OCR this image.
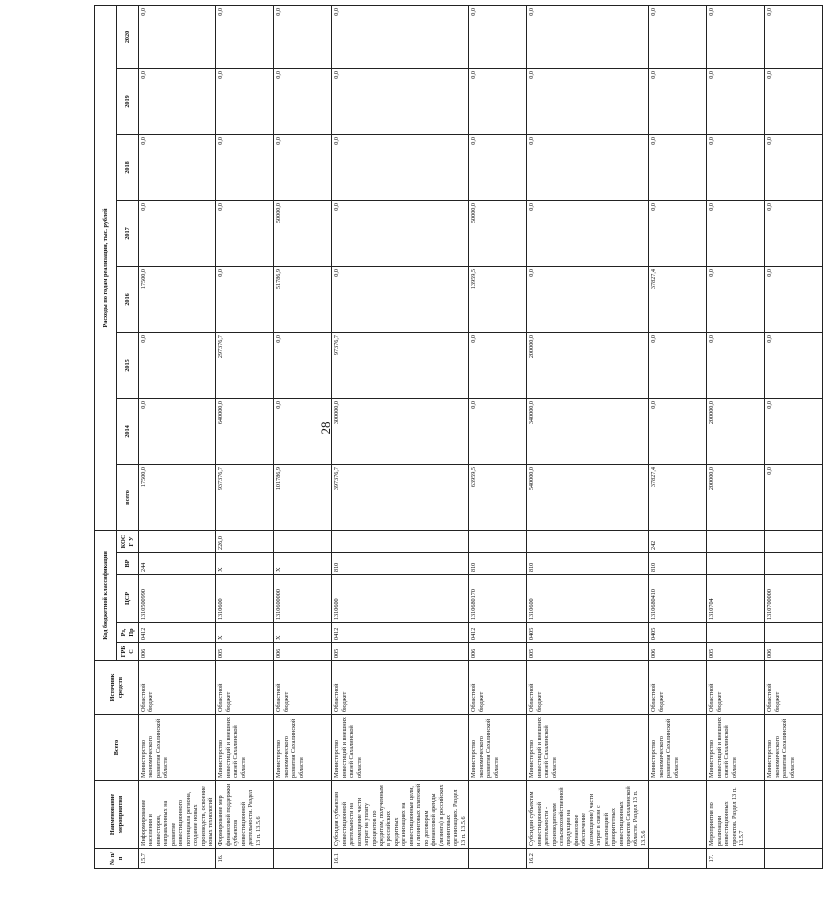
28
№ п/п	Наименование мероприятия	Всего	Источник средств	Код бюджетной классификации					Расходы по годам реализации, тыс. рублей							
				ГРБС	Рз, Пр	ЦСР	ВР	КОСГ У	всего	2014	2015	2016	2017	2018	2019	2020
15.7	Информирование населения и инвесторов, направленных на развитие инвестиционного потенциала региона, создание новых производств, освоение новых технологий	Министерство экономического развития Сахалинской области	Областной бюджет	006	0412	1310500990	244		17500,0	0,0	0,0	17500,0	0,0	0,0	0,0	0,0
16.	Формирование мер финансовой поддержки субъектов инвестиционной деятельности. Раздел 13 п. 13.5.6	Министерство инвестиций и внешних связей Сахалинской области	Областной бюджет	005	Х	1310600	Х	226,0	937376,7	640000,0	297376,7	0,0	0,0	0,0	0,0	0,0
		Министерство экономического развития Сахалинской области	Областной бюджет	006	Х	1310600000	Х		101786,9	0,0	0,0	51786,9	50000,0	0,0	0,0	0,0
16.1	Субсидия субъектам инвестиционной деятельности на возмещение части затрат на уплату процентов по кредитам, полученным в российских кредитных организациях на инвестиционные цели, и лизинговых платежей по договорам финансовой аренды (лизинга) в российских лизинговых организациях. Раздел 13 п. 13.5.6	Министерство инвестиций и внешних связей Сахалинской области	Областной бюджет	005	0412	1310600	810		397376,7	300000,0	97376,7	0,0	0,0	0,0	0,0	0,0
		Министерство экономического развития Сахалинской области	Областной бюджет	006	0412	1310680170	810		63959,5	0,0	0,0	13959,5	50000,0	0,0	0,0	0,0
16.2	Субсидии субъектам инвестиционной деятельности - производителям сельскохозяйственной продукции на финансовое обеспечение (возмещение) части затрат в связи с реализацией приоритетных инвестиционных проектов Сахалинской области. Раздел 13 п. 13.5.6	Министерство инвестиций и внешних связей Сахалинской области	Областной бюджет	005	0405	1310600	810		540000,0	340000,0	200000,0	0,0	0,0	0,0	0,0	0,0
		Министерство экономического развития Сахалинской области	Областной бюджет	006	0405	1310680410	810	242	37827,4	0,0	0,0	37827,4	0,0	0,0	0,0	0,0
17.	Мероприятия по реализации инвестиционных проектов. Раздел 13 п. 13.5.7	Министерство инвестиций и внешних связей Сахалинской области	Областной бюджет	005		1310704			200000,0	200000,0	0,0	0,0	0,0	0,0	0,0	0,0
		Министерство экономического развития Сахалинской области	Областной бюджет	006		1310700000			0,0	0,0	0,0	0,0	0,0	0,0	0,0	0,0
